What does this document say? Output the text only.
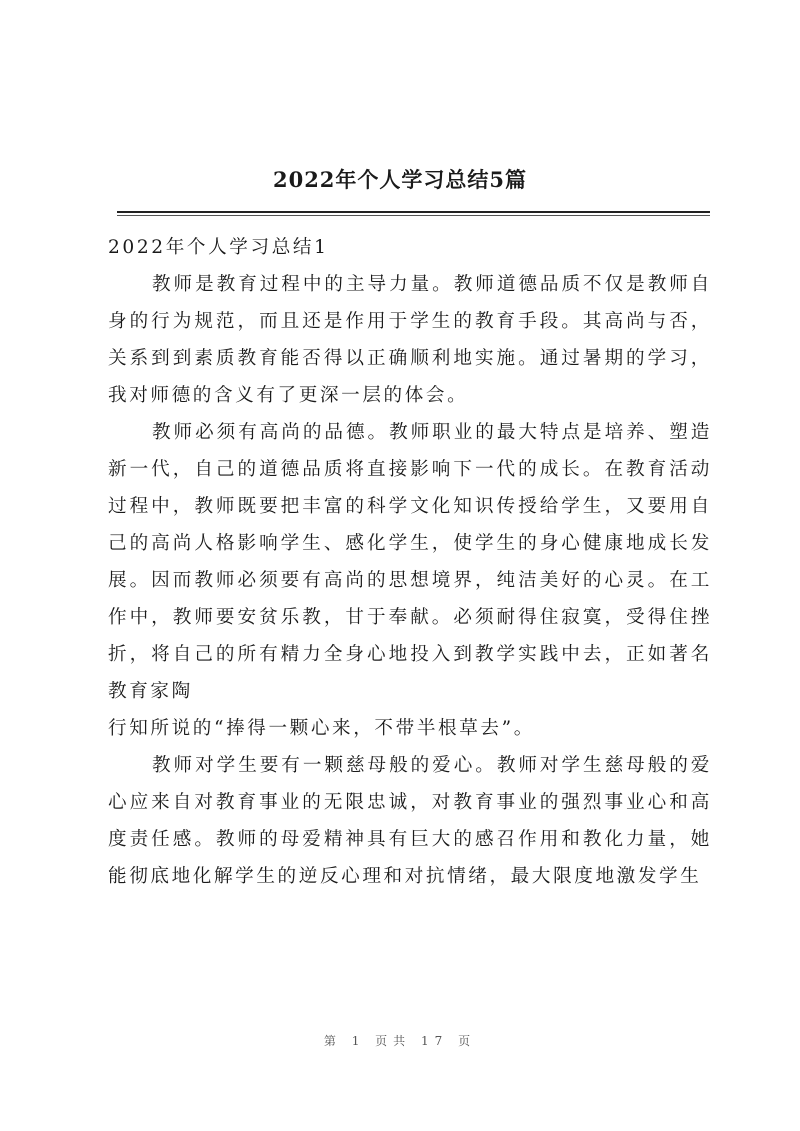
2022年个人学习总结5篇

2022年个人学习总结1

教师是教育过程中的主导力量。教师道德品质不仅是教师自身的行为规范，而且还是作用于学生的教育手段。其高尚与否，关系到到素质教育能否得以正确顺利地实施。通过暑期的学习，我对师德的含义有了更深一层的体会。

教师必须有高尚的品德。教师职业的最大特点是培养、塑造新一代，自己的道德品质将直接影响下一代的成长。在教育活动过程中，教师既要把丰富的科学文化知识传授给学生，又要用自己的高尚人格影响学生、感化学生，使学生的身心健康地成长发展。因而教师必须要有高尚的思想境界，纯洁美好的心灵。在工作中，教师要安贫乐教，甘于奉献。必须耐得住寂寞，受得住挫折，将自己的所有精力全身心地投入到教学实践中去，正如著名教育家陶

行知所说的“捧得一颗心来，不带半根草去”。

教师对学生要有一颗慈母般的爱心。教师对学生慈母般的爱心应来自对教育事业的无限忠诚，对教育事业的强烈事业心和高度责任感。教师的母爱精神具有巨大的感召作用和教化力量，她能彻底地化解学生的逆反心理和对抗情绪，最大限度地激发学生

第 1 页共 17 页
